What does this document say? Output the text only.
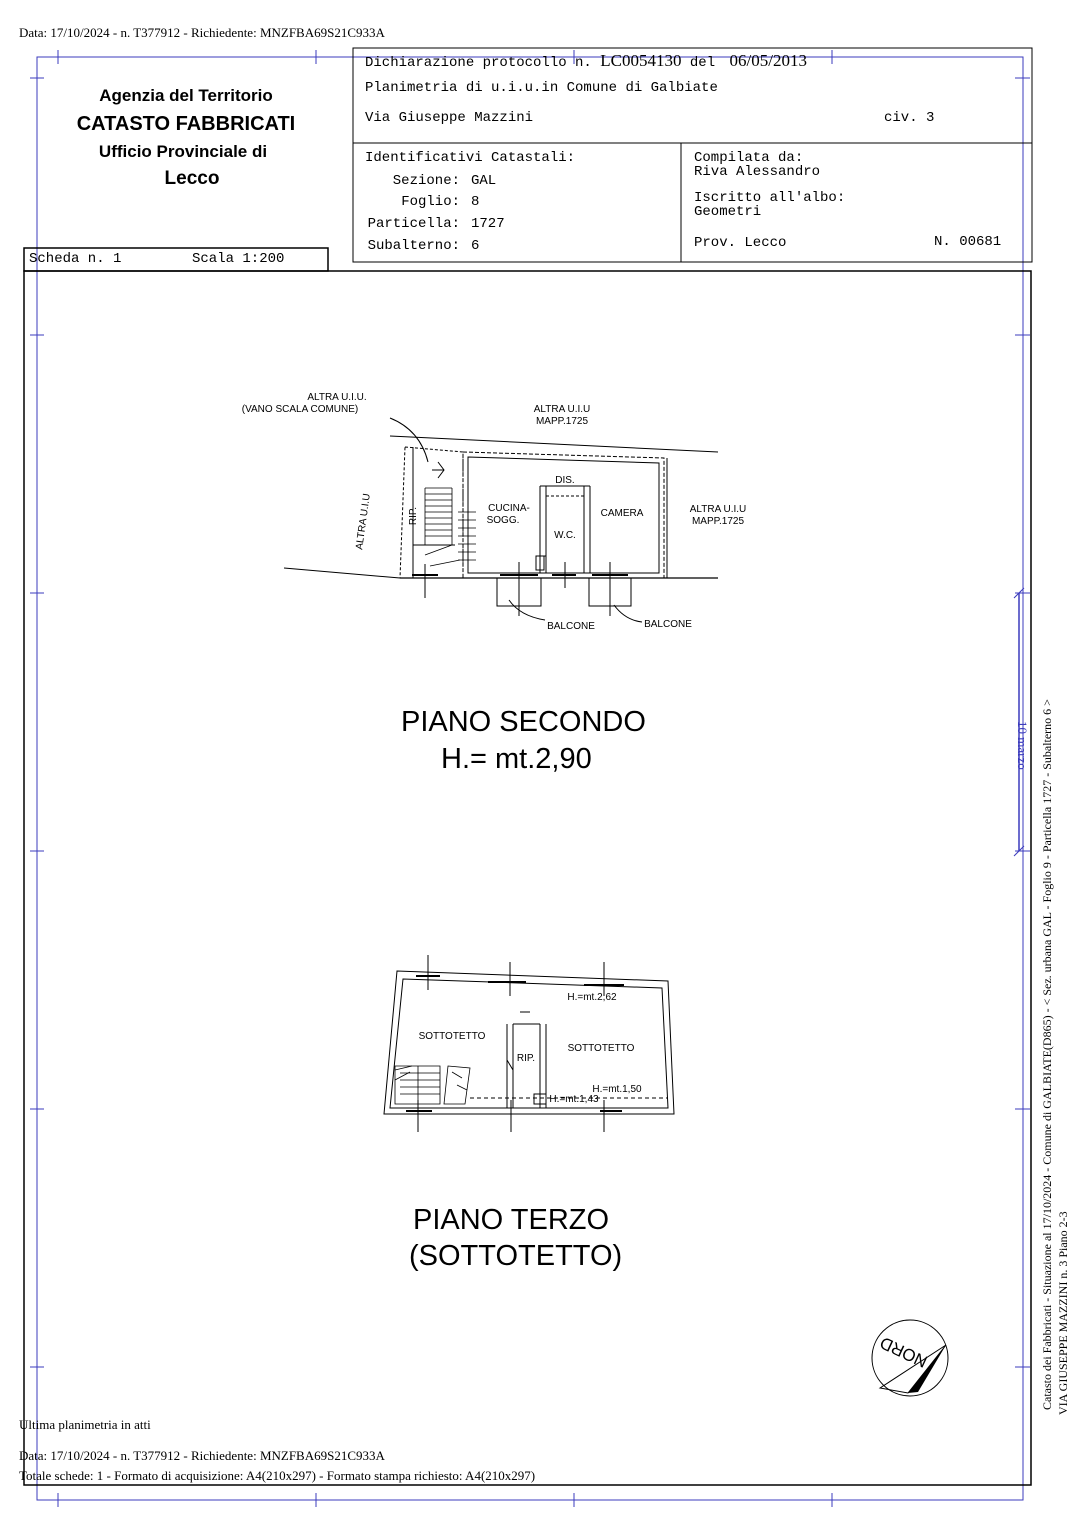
Data: 17/10/2024 - n. T377912 - Richiedente: MNZFBA69S21C933A
Agenzia del Territorio
CATASTO FABBRICATI
Ufficio Provinciale di
Lecco
Dichiarazione protocollo n. LC0054130 del 06/05/2013
Planimetria di u.i.u.in Comune di Galbiate
Via Giuseppe Mazzini	civ. 3
Identificativi Catastali:
Sezione: GAL
Foglio: 8
Particella: 1727
Subalterno: 6
Compilata da:
Riva Alessandro
Iscritto all'albo:
Geometri
Prov. Lecco	N. 00681
Scheda n. 1	Scala 1:200
ALTRA U.I.U.
(VANO SCALA COMUNE)	ALTRA U.I.U
MAPP.1725
ALTRA U.I.U	RIP.	CUCINA-
SOGG.
DIS.
W.C.
CAMERA	ALTRA U.I.U
MAPP.1725
BALCONE	BALCONE
PIANO SECONDO
H.= mt.2,90
H.=mt.2,62
SOTTOTETTO
RIP.
SOTTOTETTO
H.=mt.1,50
H.=mt.1,43
PIANO TERZO
(SOTTOTETTO)
NORD
10 marzo Catasto dei Fabbricati - Situazione al 17/10/2024 - Comune di GALBIATE(D865) - < Sez. urbana GAL - Foglio 9 - Particella 1727 - Subalterno 6 > VIA GIUSEPPE MAZZINI n. 3 Piano 2-3
Ultima planimetria in atti
Data: 17/10/2024 - n. T377912 - Richiedente: MNZFBA69S21C933A
Totale schede: 1 - Formato di acquisizione: A4(210x297) - Formato stampa richiesto: A4(210x297)
